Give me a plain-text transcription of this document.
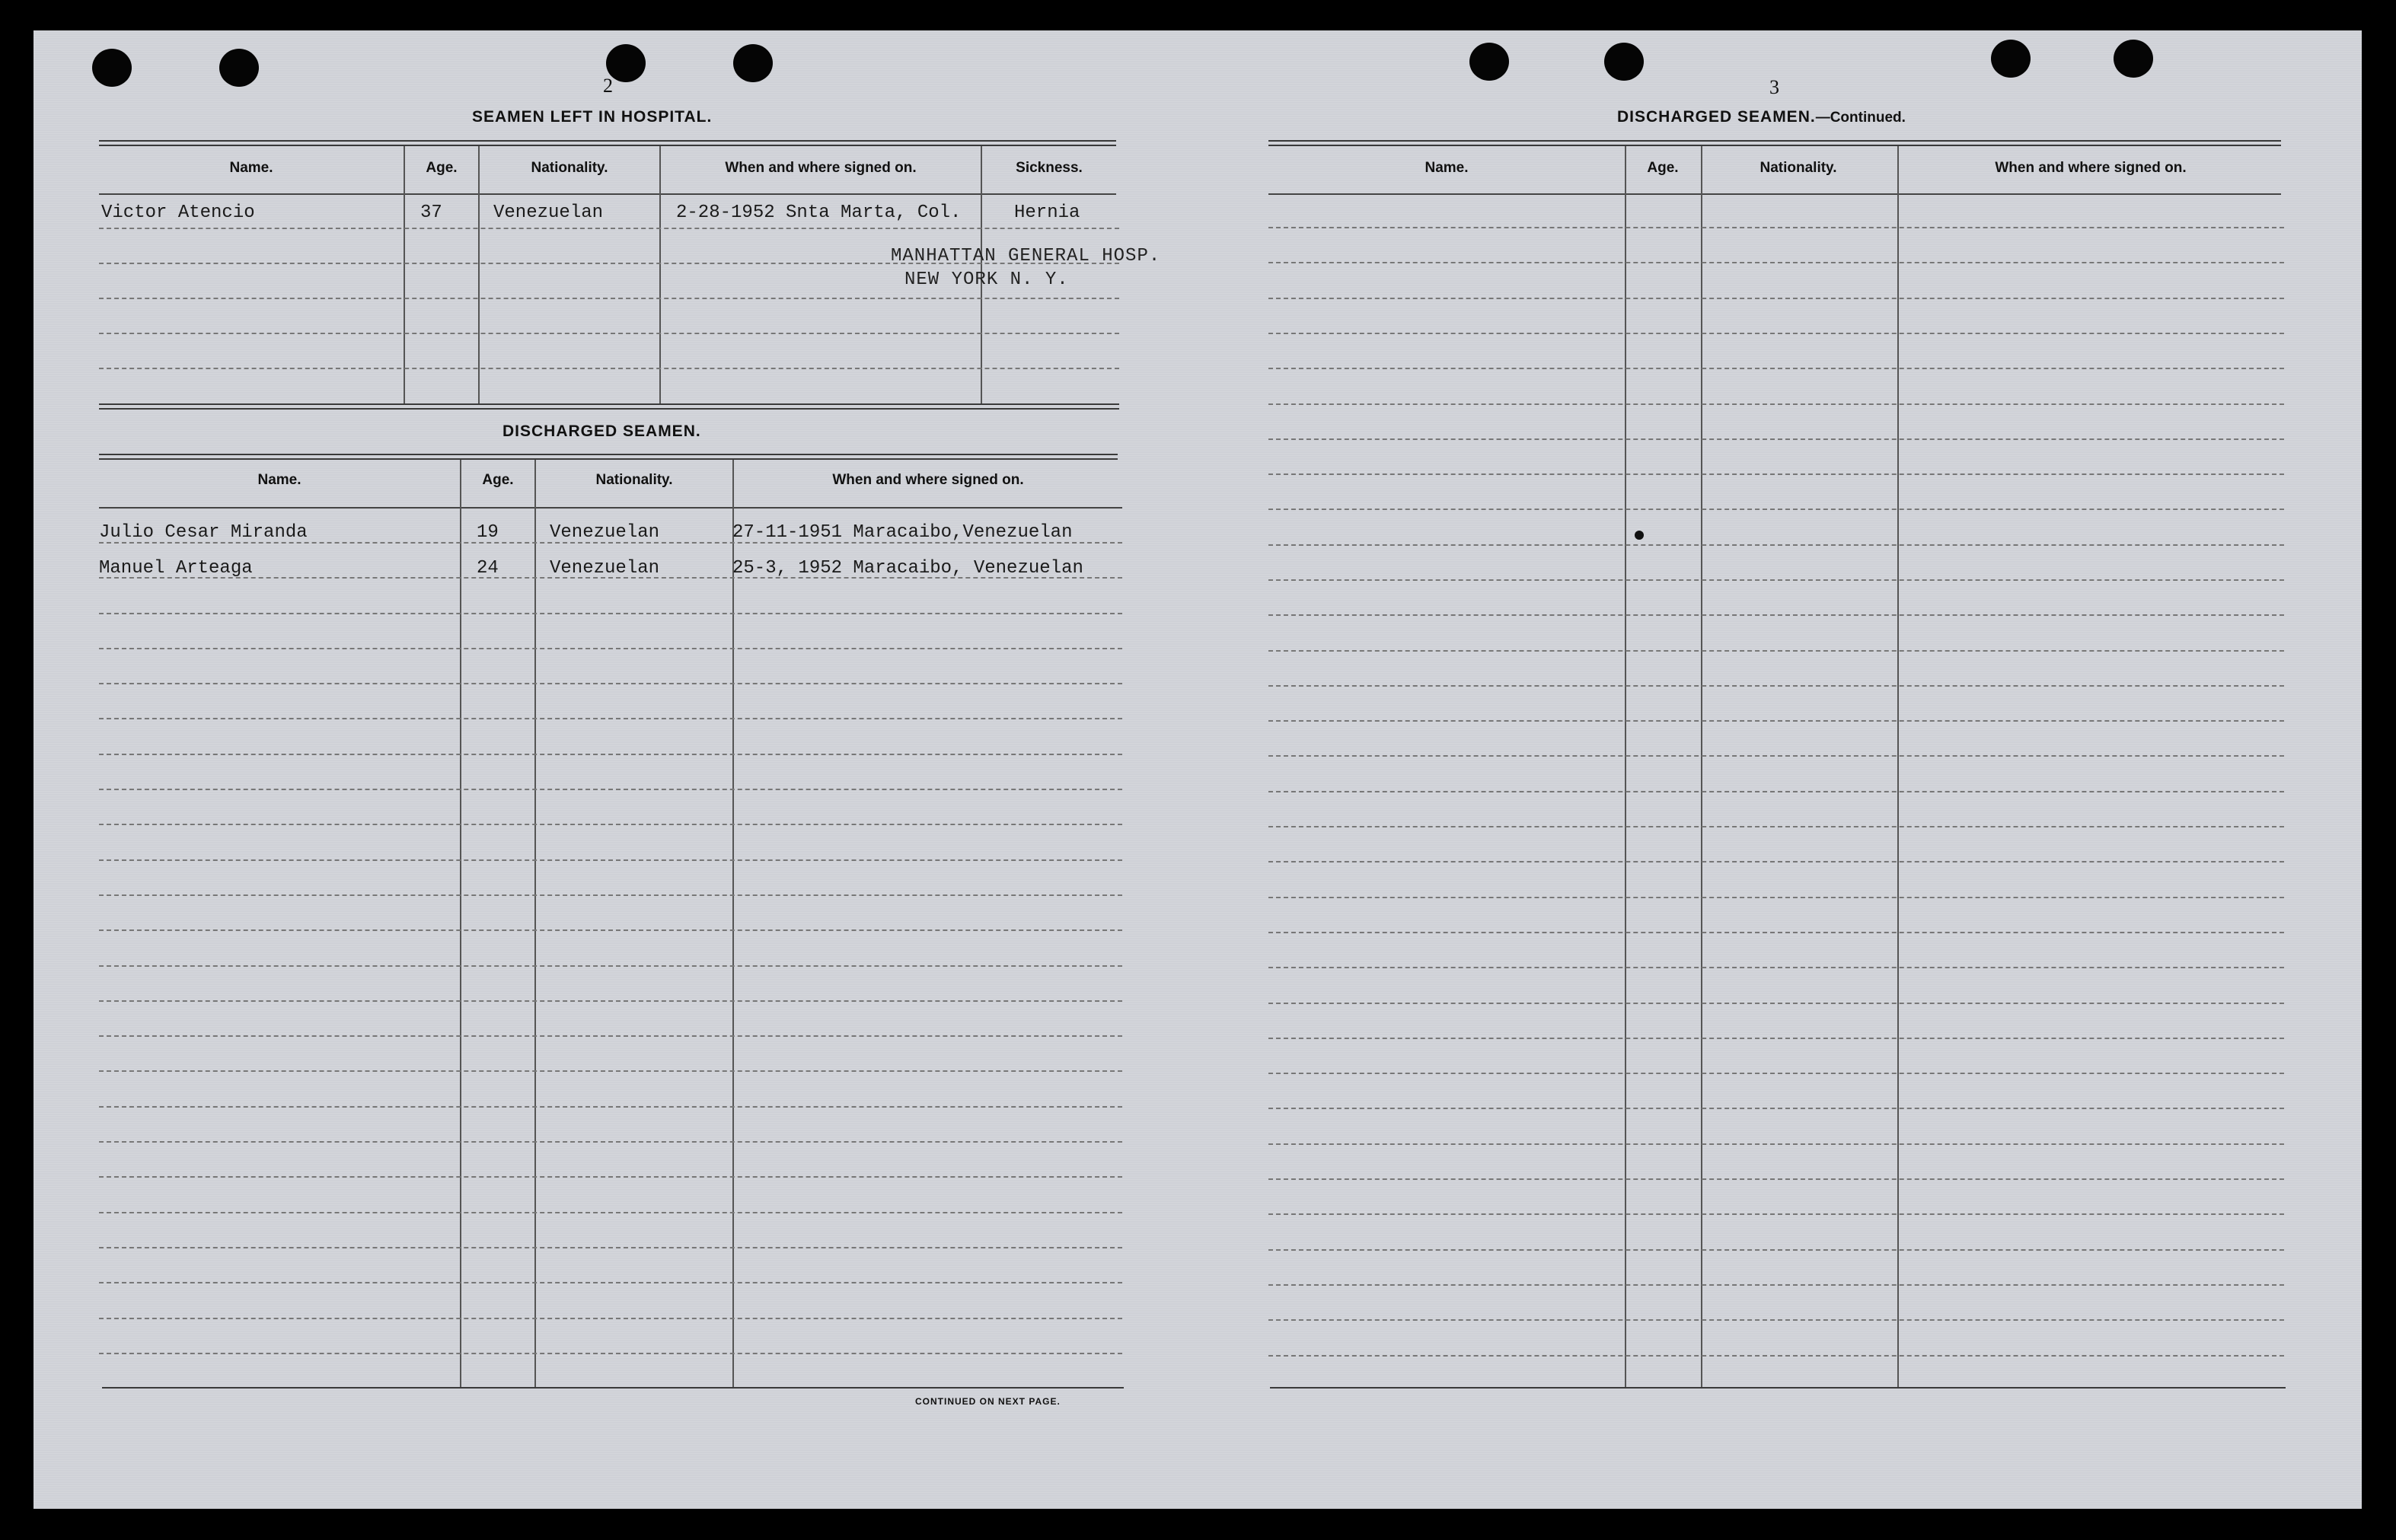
2
SEAMEN LEFT IN HOSPITAL.
Name.	Age.	Nationality.	When and where signed on.	Sickness.
Victor Atencio	37	Venezuelan	2-28-1952 Snta Marta, Col.	Hernia
MANHATTAN GENERAL HOSP.
NEW YORK N. Y.
DISCHARGED SEAMEN.
Name.	Age.	Nationality.	When and where signed on.
Julio Cesar Miranda	19	Venezuelan	27-11-1951 Maracaibo,Venezuelan
Manuel Arteaga	24	Venezuelan	25-3, 1952 Maracaibo, Venezuelan
CONTINUED ON NEXT PAGE.
3
DISCHARGED SEAMEN.—Continued.
Name.	Age.	Nationality.	When and where signed on.
